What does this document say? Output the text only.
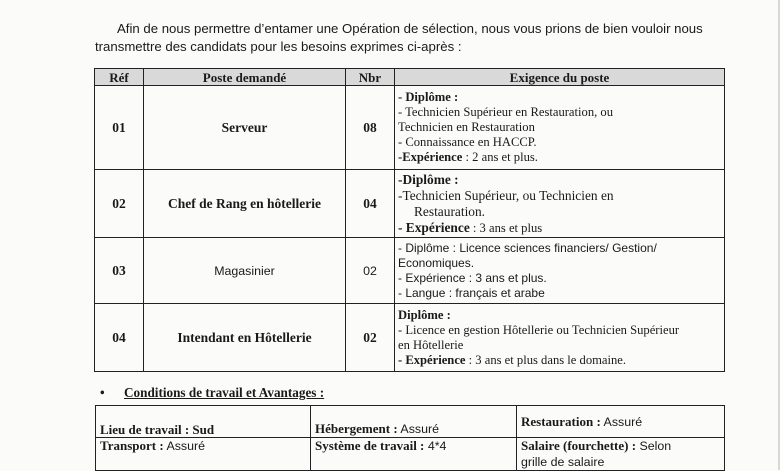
Afin de nous permettre d’entamer une Opération de sélection, nous vous prions de bien vouloir nous

transmettre des candidats pour les besoins exprimes ci-après :
Réf	Poste demandé	Nbr	Exigence du poste
01	Serveur	08	- Diplôme :
- Technicien Supérieur en Restauration, ou
Technicien en Restauration
- Connaissance en HACCP.
-Expérience : 2 ans et plus.

02	Chef de Rang en hôtellerie	04	-Diplôme :
-Technicien Supérieur, ou Technicien en
Restauration.
- Expérience : 3 ans et plus

03	Magasinier	02	- Diplôme : Licence sciences financiers/ Gestion/
Economiques.
- Expérience : 3 ans et plus.
- Langue : français et arabe

04	Intendant en Hôtellerie	02	Diplôme :
- Licence en gestion Hôtellerie ou Technicien Supérieur
en Hôtellerie
- Expérience : 3 ans et plus dans le domaine.
• Conditions de travail et Avantages :
Lieu de travail : Sud	Hébergement : Assuré	Restauration : Assuré
Transport : Assuré	Système de travail : 4*4	Salaire (fourchette) : Selon
grille de salaire
